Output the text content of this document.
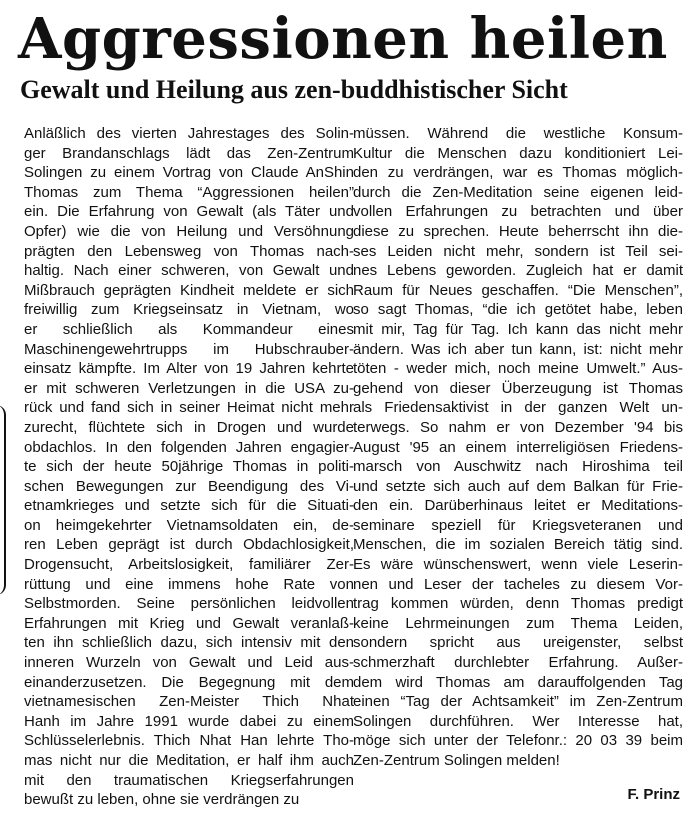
Aggressionen heilen
Gewalt und Heilung aus zen-buddhistischer Sicht
Anläßlich des vierten Jahrestages des Solin-
ger Brandanschlags lädt das Zen-Zentrum
Solingen zu einem Vortrag von Claude AnShin
Thomas zum Thema “Aggressionen heilen”
ein. Die Erfahrung von Gewalt (als Täter und
Opfer) wie die von Heilung und Versöhnung
prägten den Lebensweg von Thomas nach-
haltig. Nach einer schweren, von Gewalt und
Mißbrauch geprägten Kindheit meldete er sich
freiwillig zum Kriegseinsatz in Vietnam, wo
er schließlich als Kommandeur eines
Maschinengewehrtrupps im Hubschrauber-
einsatz kämpfte. Im Alter von 19 Jahren kehrte
er mit schweren Verletzungen in die USA zu-
rück und fand sich in seiner Heimat nicht mehr
zurecht, flüchtete sich in Drogen und wurde
obdachlos. In den folgenden Jahren engagier-
te sich der heute 50jährige Thomas in politi-
schen Bewegungen zur Beendigung des Vi-
etnamkrieges und setzte sich für die Situati-
on heimgekehrter Vietnamsoldaten ein, de-
ren Leben geprägt ist durch Obdachlosigkeit,
Drogensucht, Arbeitslosigkeit, familiärer Zer-
rüttung und eine immens hohe Rate von
Selbstmorden. Seine persönlichen leidvollen
Erfahrungen mit Krieg und Gewalt veranlaß-
ten ihn schließlich dazu, sich intensiv mit den
inneren Wurzeln von Gewalt und Leid aus-
einanderzusetzen. Die Begegnung mit dem
vietnamesischen Zen-Meister Thich Nhat
Hanh im Jahre 1991 wurde dabei zu einem
Schlüsselerlebnis. Thich Nhat Han lehrte Tho-
mas nicht nur die Meditation, er half ihm auch
mit den traumatischen Kriegserfahrungen
bewußt zu leben, ohne sie verdrängen zu
müssen. Während die westliche Konsum-
Kultur die Menschen dazu konditioniert Lei-
den zu verdrängen, war es Thomas möglich-
durch die Zen-Meditation seine eigenen leid-
vollen Erfahrungen zu betrachten und über
diese zu sprechen. Heute beherrscht ihn die-
ses Leiden nicht mehr, sondern ist Teil sei-
nes Lebens geworden. Zugleich hat er damit
Raum für Neues geschaffen. “Die Menschen”,
so sagt Thomas, “die ich getötet habe, leben
mit mir, Tag für Tag. Ich kann das nicht mehr
ändern. Was ich aber tun kann, ist: nicht mehr
töten - weder mich, noch meine Umwelt.” Aus-
gehend von dieser Überzeugung ist Thomas
als Friedensaktivist in der ganzen Welt un-
terwegs. So nahm er von Dezember '94 bis
August '95 an einem interreligiösen Friedens-
marsch von Auschwitz nach Hiroshima teil
und setzte sich auch auf dem Balkan für Frie-
den ein. Darüberhinaus leitet er Meditations-
seminare speziell für Kriegsveteranen und
Menschen, die im sozialen Bereich tätig sind.
Es wäre wünschenswert, wenn viele Leserin-
nen und Leser der tacheles zu diesem Vor-
trag kommen würden, denn Thomas predigt
keine Lehrmeinungen zum Thema Leiden,
sondern spricht aus ureigenster, selbst
schmerzhaft durchlebter Erfahrung. Außer-
dem wird Thomas am darauffolgenden Tag
einen “Tag der Achtsamkeit” im Zen-Zentrum
Solingen durchführen. Wer Interesse hat,
möge sich unter der Telefonr.: 20 03 39 beim
Zen-Zentrum Solingen melden!
F. Prinz
